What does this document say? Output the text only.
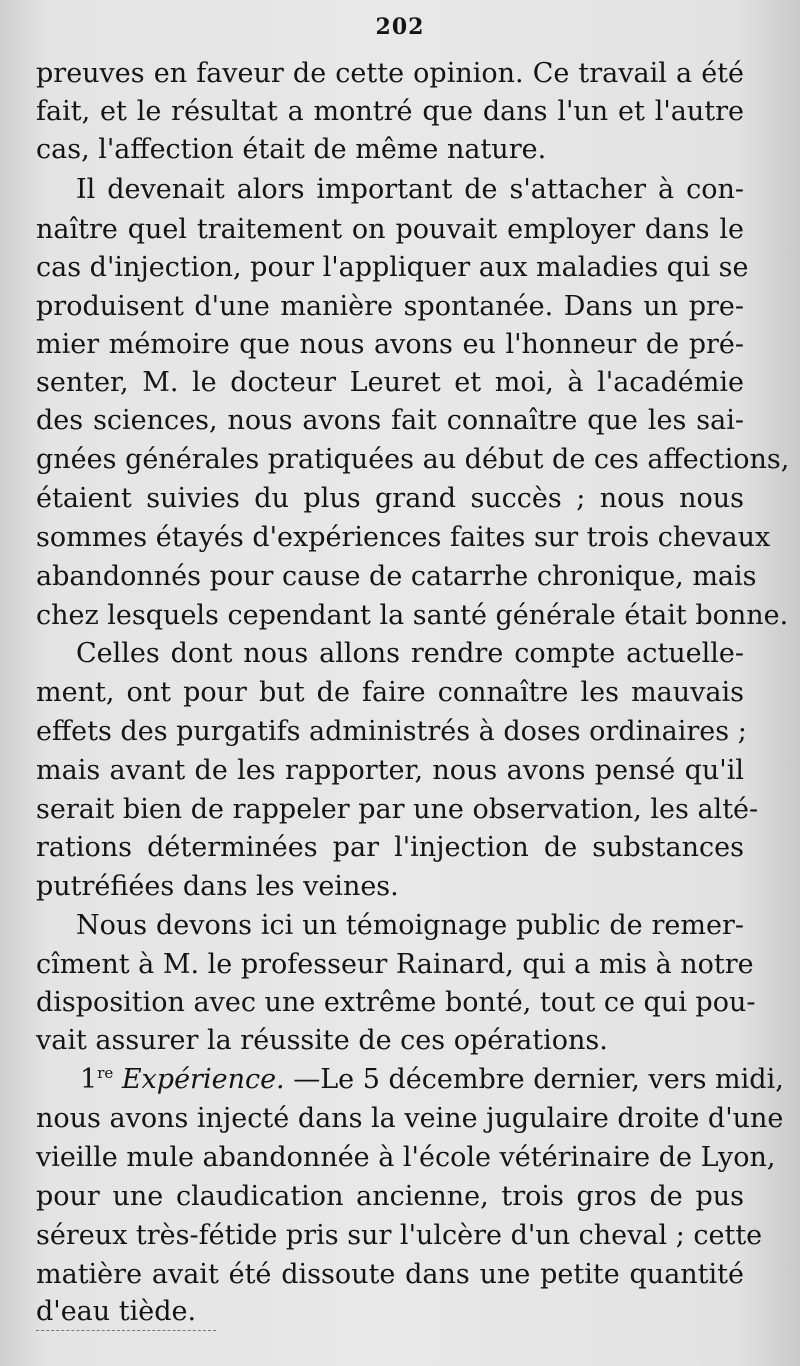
202
preuves en faveur de cette opinion. Ce travail a été
fait, et le résultat a montré que dans l'un et l'autre
cas, l'affection était de même nature.
Il devenait alors important de s'attacher à con-
naître quel traitement on pouvait employer dans le
cas d'injection, pour l'appliquer aux maladies qui se
produisent d'une manière spontanée. Dans un pre-
mier mémoire que nous avons eu l'honneur de pré-
senter, M. le docteur Leuret et moi, à l'académie
des sciences, nous avons fait connaître que les sai-
gnées générales pratiquées au début de ces affections,
étaient suivies du plus grand succès ; nous nous
sommes étayés d'expériences faites sur trois chevaux
abandonnés pour cause de catarrhe chronique, mais
chez lesquels cependant la santé générale était bonne.
Celles dont nous allons rendre compte actuelle-
ment, ont pour but de faire connaître les mauvais
effets des purgatifs administrés à doses ordinaires ;
mais avant de les rapporter, nous avons pensé qu'il
serait bien de rappeler par une observation, les alté-
rations déterminées par l'injection de substances
putréfiées dans les veines.
Nous devons ici un témoignage public de remer-
cîment à M. le professeur Rainard, qui a mis à notre
disposition avec une extrême bonté, tout ce qui pou-
vait assurer la réussite de ces opérations.
1re Expérience. —Le 5 décembre dernier, vers midi,
nous avons injecté dans la veine jugulaire droite d'une
vieille mule abandonnée à l'école vétérinaire de Lyon,
pour une claudication ancienne, trois gros de pus
séreux très-fétide pris sur l'ulcère d'un cheval ; cette
matière avait été dissoute dans une petite quantité
d'eau tiède.
